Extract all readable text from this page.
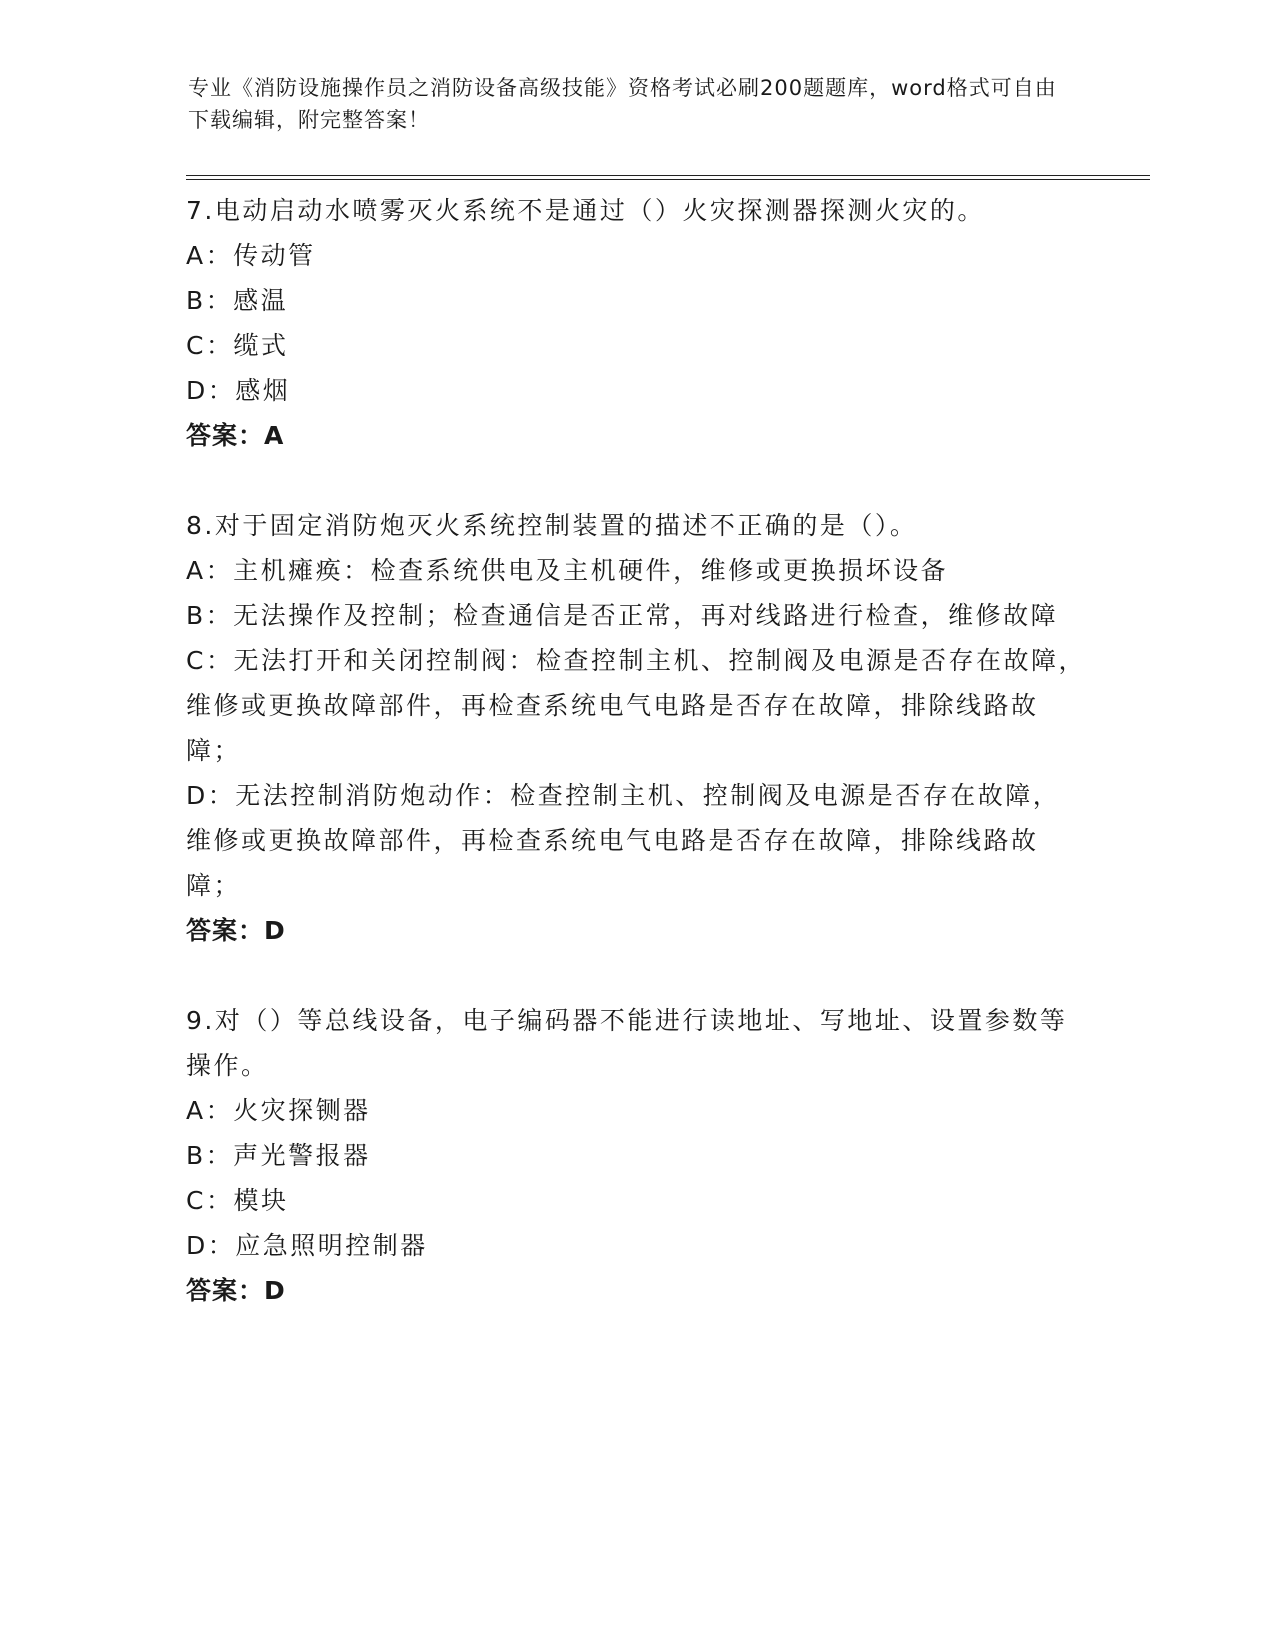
专业《消防设施操作员之消防设备高级技能》资格考试必刷200题题库，word格式可自由下载编辑，附完整答案！
7.电动启动水喷雾灭火系统不是通过（）火灾探测器探测火灾的。
A：传动管
B：感温
C：缆式
D：感烟
答案：A
8.对于固定消防炮灭火系统控制装置的描述不正确的是（）。
A：主机瘫痪：检查系统供电及主机硬件，维修或更换损坏设备
B：无法操作及控制；检查通信是否正常，再对线路进行检查，维修故障
C：无法打开和关闭控制阀：检查控制主机、控制阀及电源是否存在故障，维修或更换故障部件，再检查系统电气电路是否存在故障，排除线路故障；
D：无法控制消防炮动作：检查控制主机、控制阀及电源是否存在故障，维修或更换故障部件，再检查系统电气电路是否存在故障，排除线路故障；
答案：D
9.对（）等总线设备，电子编码器不能进行读地址、写地址、设置参数等操作。
A：火灾探铡器
B：声光警报器
C：模块
D：应急照明控制器
答案：D
